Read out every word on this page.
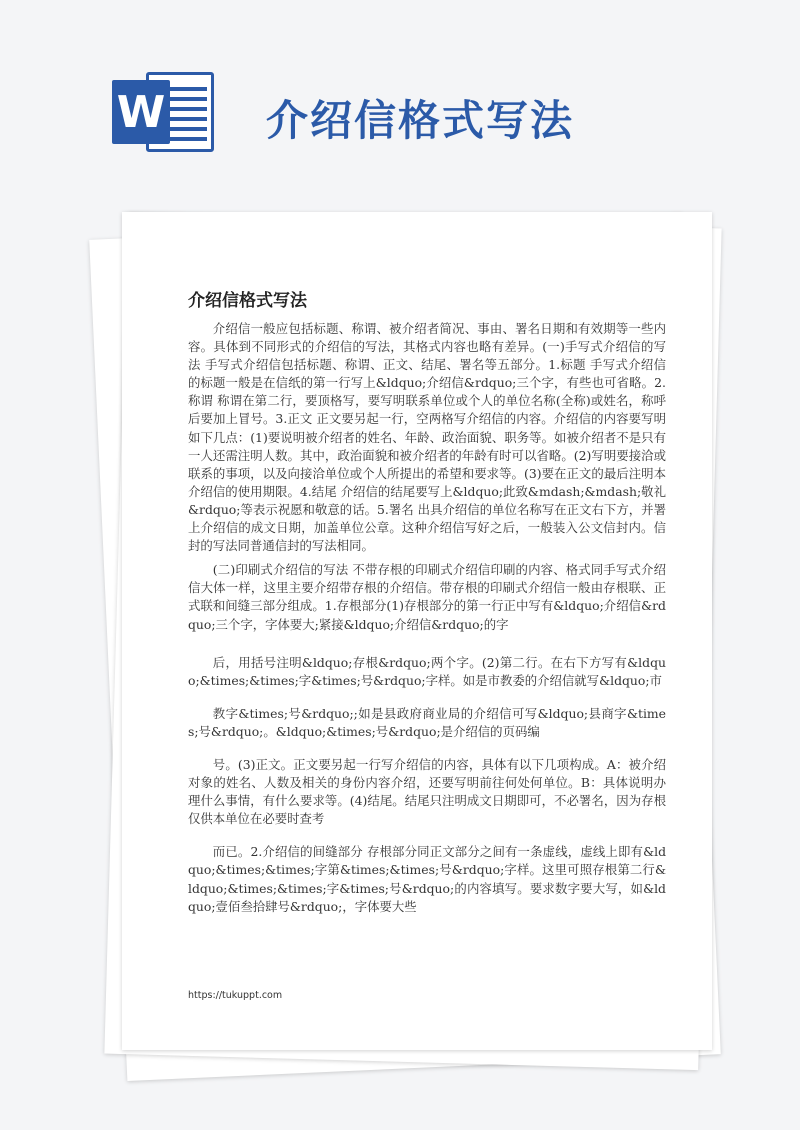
W 介绍信格式写法
介绍信格式写法

介绍信一般应包括标题、称谓、被介绍者简况、事由、署名日期和有效期等一些内容。具体到不同形式的介绍信的写法，其格式内容也略有差异。(一)手写式介绍信的写法 手写式介绍信包括标题、称谓、正文、结尾、署名等五部分。1.标题 手写式介绍信的标题一般是在信纸的第一行写上&ldquo;介绍信&rdquo;三个字，有些也可省略。2.称谓 称谓在第二行，要顶格写，要写明联系单位或个人的单位名称(全称)或姓名，称呼后要加上冒号。3.正文 正文要另起一行，空两格写介绍信的内容。介绍信的内容要写明如下几点：(1)要说明被介绍者的姓名、年龄、政治面貌、职务等。如被介绍者不是只有一人还需注明人数。其中，政治面貌和被介绍者的年龄有时可以省略。(2)写明要接洽或联系的事项，以及向接洽单位或个人所提出的希望和要求等。(3)要在正文的最后注明本介绍信的使用期限。4.结尾 介绍信的结尾要写上&ldquo;此致&mdash;&mdash;敬礼&rdquo;等表示祝愿和敬意的话。5.署名 出具介绍信的单位名称写在正文右下方，并署上介绍信的成文日期，加盖单位公章。这种介绍信写好之后，一般装入公文信封内。信封的写法同普通信封的写法相同。

(二)印刷式介绍信的写法 不带存根的印刷式介绍信印刷的内容、格式同手写式介绍信大体一样，这里主要介绍带存根的介绍信。带存根的印刷式介绍信一般由存根联、正式联和间缝三部分组成。1.存根部分(1)存根部分的第一行正中写有&ldquo;介绍信&rdquo;三个字，字体要大;紧接&ldquo;介绍信&rdquo;的字

后，用括号注明&ldquo;存根&rdquo;两个字。(2)第二行。在右下方写有&ldquo;&times;&times;字&times;号&rdquo;字样。如是市教委的介绍信就写&ldquo;市

教字&times;号&rdquo;;如是县政府商业局的介绍信可写&ldquo;县商字&times;号&rdquo;。&ldquo;&times;号&rdquo;是介绍信的页码编

号。(3)正文。正文要另起一行写介绍信的内容，具体有以下几项构成。A：被介绍对象的姓名、人数及相关的身份内容介绍，还要写明前往何处何单位。B：具体说明办理什么事情，有什么要求等。(4)结尾。结尾只注明成文日期即可，不必署名，因为存根仅供本单位在必要时查考

而已。2.介绍信的间缝部分 存根部分同正文部分之间有一条虚线，虚线上即有&ldquo;&times;&times;字第&times;&times;号&rdquo;字样。这里可照存根第二行&ldquo;&times;&times;字&times;号&rdquo;的内容填写。要求数字要大写，如&ldquo;壹佰叁拾肆号&rdquo;，字体要大些

https://tukuppt.com
